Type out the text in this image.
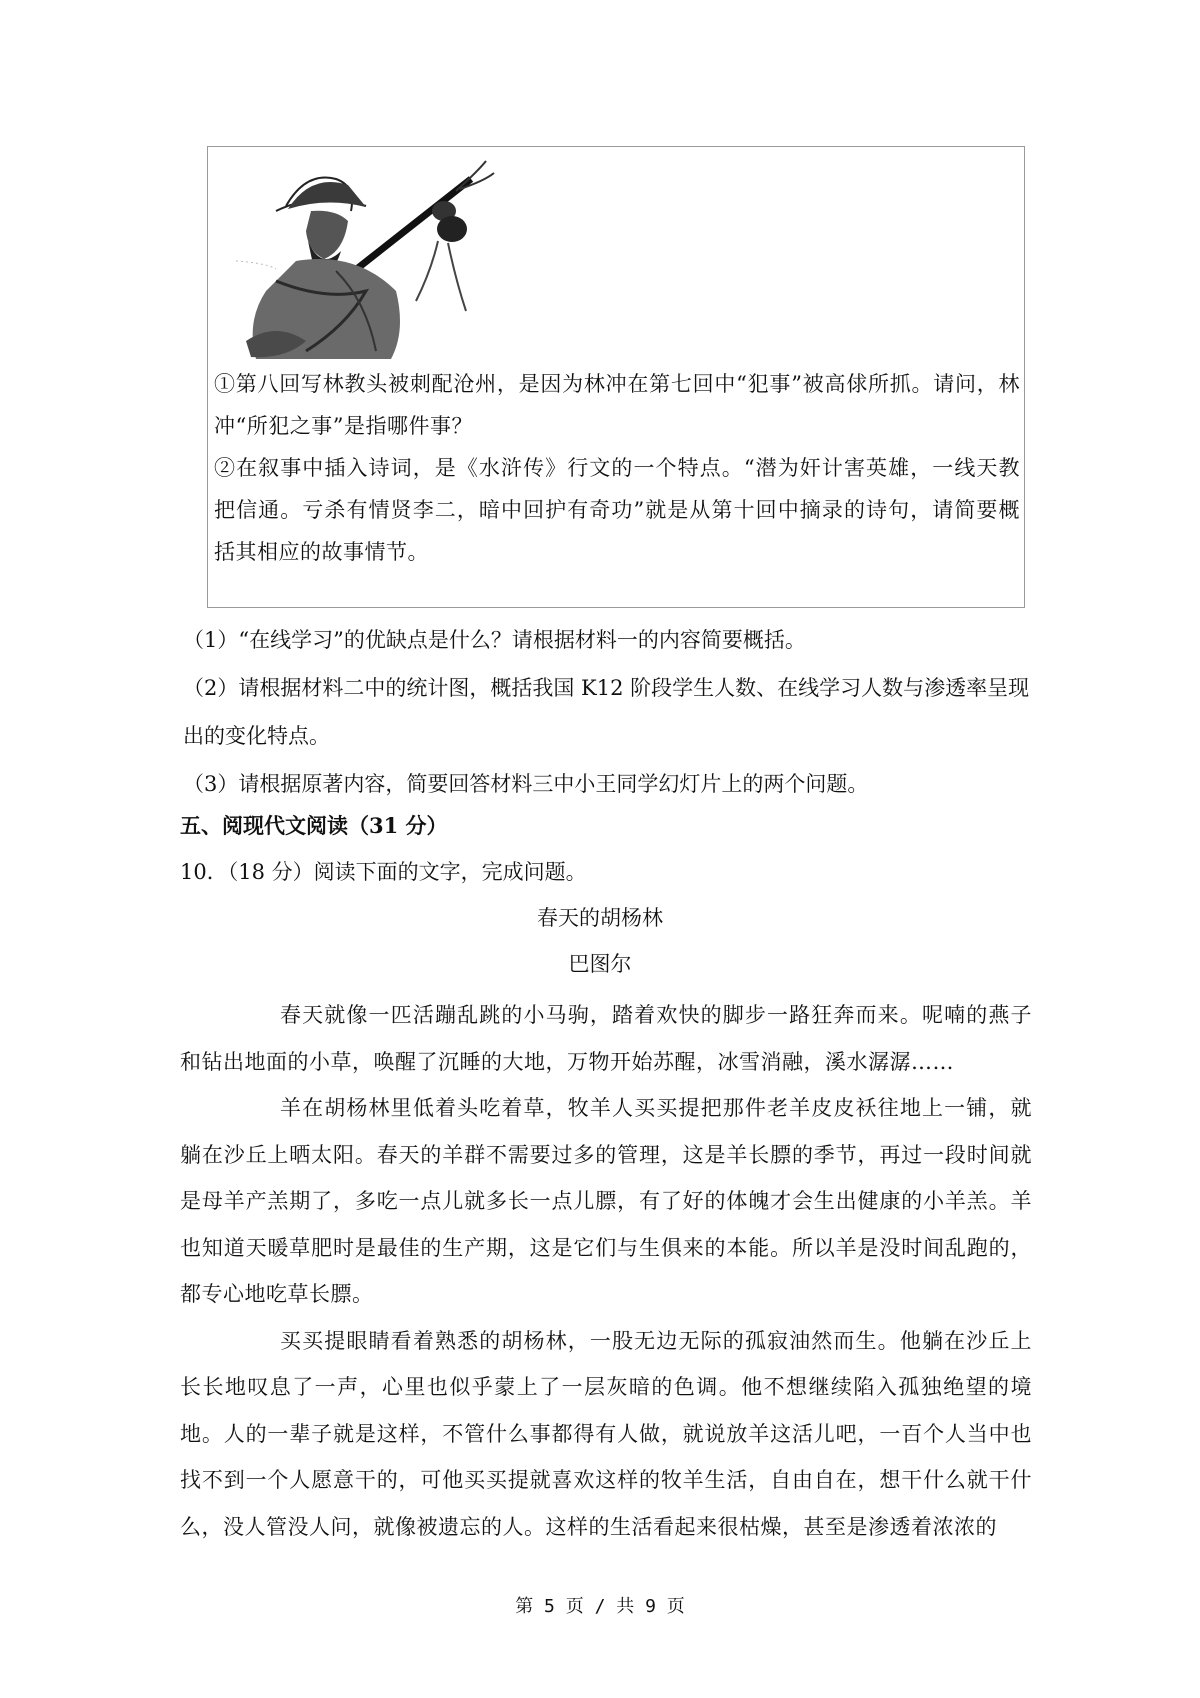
①第八回写林教头被刺配沧州，是因为林冲在第七回中“犯事”被高俅所抓。请问，林冲“所犯之事”是指哪件事？

②在叙事中插入诗词，是《水浒传》行文的一个特点。“潜为奸计害英雄，一线天教把信通。亏杀有情贤李二，暗中回护有奇功”就是从第十回中摘录的诗句，请简要概括其相应的故事情节。

（1）“在线学习”的优缺点是什么？请根据材料一的内容简要概括。

（2）请根据材料二中的统计图，概括我国 K12 阶段学生人数、在线学习人数与渗透率呈现出的变化特点。

（3）请根据原著内容，简要回答材料三中小王同学幻灯片上的两个问题。

五、阅现代文阅读（31 分）
10．（18 分）阅读下面的文字，完成问题。
春天的胡杨林
巴图尔

春天就像一匹活蹦乱跳的小马驹，踏着欢快的脚步一路狂奔而来。呢喃的燕子和钻出地面的小草，唤醒了沉睡的大地，万物开始苏醒，冰雪消融，溪水潺潺……

羊在胡杨林里低着头吃着草，牧羊人买买提把那件老羊皮皮袄往地上一铺，就躺在沙丘上晒太阳。春天的羊群不需要过多的管理，这是羊长膘的季节，再过一段时间就是母羊产羔期了，多吃一点儿就多长一点儿膘，有了好的体魄才会生出健康的小羊羔。羊也知道天暖草肥时是最佳的生产期，这是它们与生俱来的本能。所以羊是没时间乱跑的，都专心地吃草长膘。

买买提眼睛看着熟悉的胡杨林，一股无边无际的孤寂油然而生。他躺在沙丘上长长地叹息了一声，心里也似乎蒙上了一层灰暗的色调。他不想继续陷入孤独绝望的境地。人的一辈子就是这样，不管什么事都得有人做，就说放羊这活儿吧，一百个人当中也找不到一个人愿意干的，可他买买提就喜欢这样的牧羊生活，自由自在，想干什么就干什么，没人管没人问，就像被遗忘的人。这样的生活看起来很枯燥，甚至是渗透着浓浓的

第 5 页 / 共 9 页
